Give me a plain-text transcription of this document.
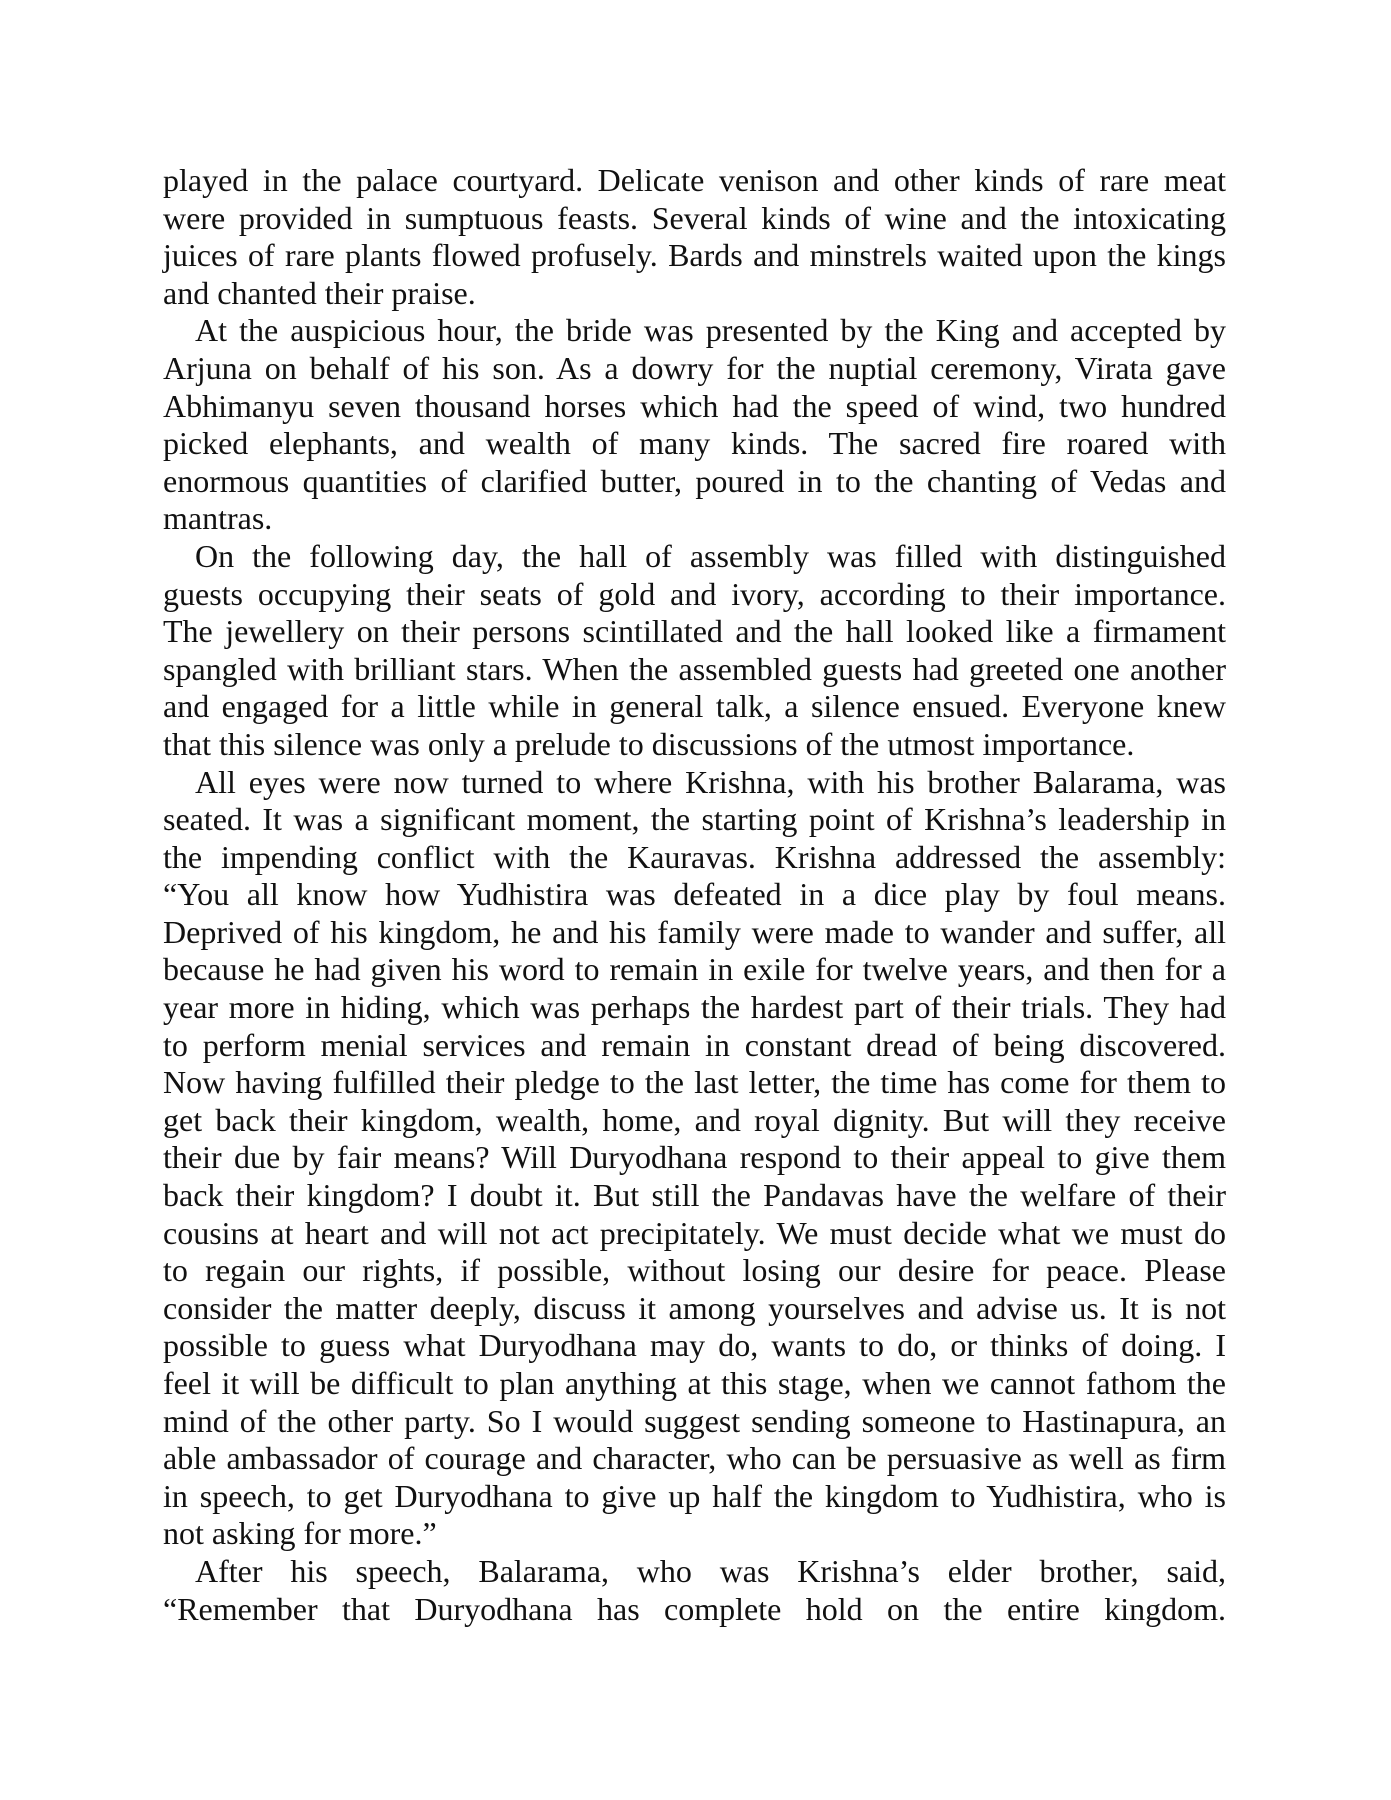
played in the palace courtyard. Delicate venison and other kinds of rare meat
were provided in sumptuous feasts. Several kinds of wine and the intoxicating
juices of rare plants flowed profusely. Bards and minstrels waited upon the kings
and chanted their praise.
At the auspicious hour, the bride was presented by the King and accepted by
Arjuna on behalf of his son. As a dowry for the nuptial ceremony, Virata gave
Abhimanyu seven thousand horses which had the speed of wind, two hundred
picked elephants, and wealth of many kinds. The sacred fire roared with
enormous quantities of clarified butter, poured in to the chanting of Vedas and
mantras.
On the following day, the hall of assembly was filled with distinguished
guests occupying their seats of gold and ivory, according to their importance.
The jewellery on their persons scintillated and the hall looked like a firmament
spangled with brilliant stars. When the assembled guests had greeted one another
and engaged for a little while in general talk, a silence ensued. Everyone knew
that this silence was only a prelude to discussions of the utmost importance.
All eyes were now turned to where Krishna, with his brother Balarama, was
seated. It was a significant moment, the starting point of Krishna’s leadership in
the impending conflict with the Kauravas. Krishna addressed the assembly:
“You all know how Yudhistira was defeated in a dice play by foul means.
Deprived of his kingdom, he and his family were made to wander and suffer, all
because he had given his word to remain in exile for twelve years, and then for a
year more in hiding, which was perhaps the hardest part of their trials. They had
to perform menial services and remain in constant dread of being discovered.
Now having fulfilled their pledge to the last letter, the time has come for them to
get back their kingdom, wealth, home, and royal dignity. But will they receive
their due by fair means? Will Duryodhana respond to their appeal to give them
back their kingdom? I doubt it. But still the Pandavas have the welfare of their
cousins at heart and will not act precipitately. We must decide what we must do
to regain our rights, if possible, without losing our desire for peace. Please
consider the matter deeply, discuss it among yourselves and advise us. It is not
possible to guess what Duryodhana may do, wants to do, or thinks of doing. I
feel it will be difficult to plan anything at this stage, when we cannot fathom the
mind of the other party. So I would suggest sending someone to Hastinapura, an
able ambassador of courage and character, who can be persuasive as well as firm
in speech, to get Duryodhana to give up half the kingdom to Yudhistira, who is
not asking for more.”
After his speech, Balarama, who was Krishna’s elder brother, said,
“Remember that Duryodhana has complete hold on the entire kingdom.
